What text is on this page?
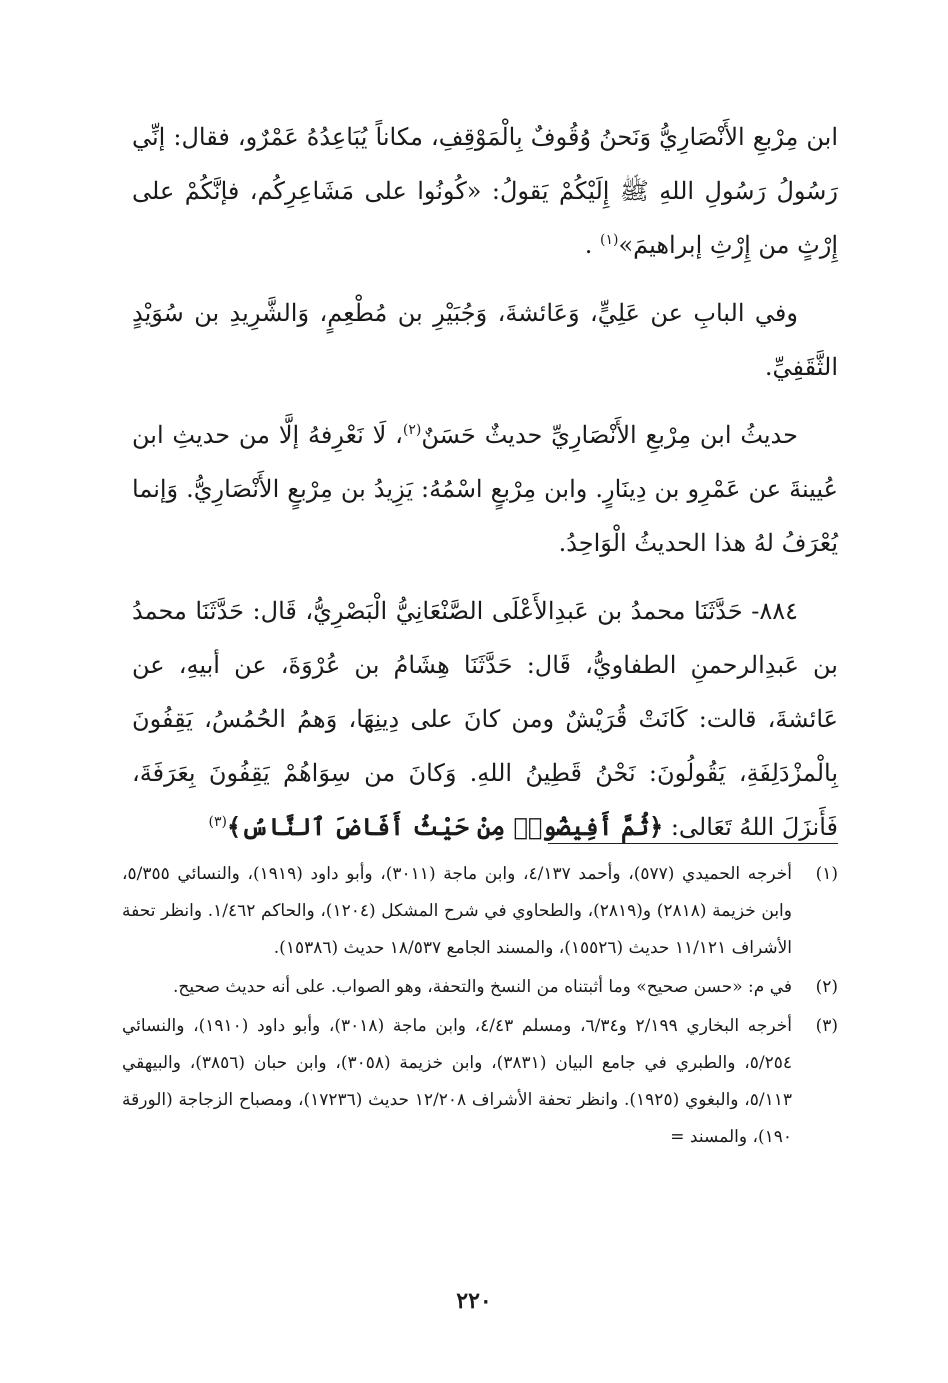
ابن مِرْبعِ الأَنْصَارِيُّ وَنَحنُ وُقُوفٌ بِالْمَوْقِفِ، مكاناً يُبَاعِدُهُ عَمْرٌو، فقال: إنِّي رَسُولُ رَسُولِ اللهِ ﷺ إِلَيْكُمْ يَقولُ: «كُونُوا على مَشَاعِرِكُم، فإنَّكُمْ على إِرْثٍ من إِرْثِ إبراهيمَ»$^{(١)}$ .

وفي البابِ عن عَلِيٍّ، وَعَائشةَ، وَجُبَيْرِ بن مُطْعِمٍ، وَالشَّرِيدِ بن سُوَيْدٍ الثَّقَفِيِّ.

حديثُ ابن مِرْبعِ الأَنْصَارِيِّ حديثٌ حَسَنٌ$^{(٢)}$، لَا نَعْرِفهُ إلَّا من حديثِ ابن عُيينةَ عن عَمْرِو بن دِينَارٍ. وابن مِرْبعٍ اسْمُهُ: يَزِيدُ بن مِرْبعٍ الأَنْصَارِيُّ. وَإنما يُعْرَفُ لهُ هذا الحديثُ الْوَاحِدُ.

٨٨٤- حَدَّثَنَا محمدُ بن عَبدِالأَعْلَى الصَّنْعَانِيُّ الْبَصْرِيُّ، قَال: حَدَّثَنَا محمدُ بن عَبدِالرحمنِ الطفاويُّ، قَال: حَدَّثَنَا هِشَامُ بن عُرْوَةَ، عن أبيهِ، عن عَائشةَ، قالت: كَانَتْ قُرَيْشٌ ومن كانَ على دِينِهَا، وَهمُ الحُمُسُ، يَقِفُونَ بِالْمزْدَلِفَةِ، يَقُولُونَ: نَحْنُ قَطِينُ اللهِ. وَكانَ من سِوَاهُمْ يَقِفُونَ بِعَرَفَةَ، فَأَنزَلَ اللهُ تَعَالى: ﴿ثُمَّ أَفِيضُوا۟ مِنْ حَيْثُ أَفَاضَ ٱلنَّاسُ﴾$^{(٣)}$

(١)
أخرجه الحميدي (٥٧٧)، وأحمد ٤/١٣٧، وابن ماجة (٣٠١١)، وأبو داود (١٩١٩)، والنسائي ٥/٣٥٥، وابن خزيمة (٢٨١٨) و(٢٨١٩)، والطحاوي في شرح المشكل (١٢٠٤)، والحاكم ١/٤٦٢. وانظر تحفة الأشراف ١١/١٢١ حديث (١٥٥٢٦)، والمسند الجامع ١٨/٥٣٧ حديث (١٥٣٨٦).
(٢)
في م: «حسن صحيح» وما أثبتناه من النسخ والتحفة، وهو الصواب. على أنه حديث صحيح.
(٣)
أخرجه البخاري ٢/١٩٩ و٦/٣٤، ومسلم ٤/٤٣، وابن ماجة (٣٠١٨)، وأبو داود (١٩١٠)، والنسائي ٥/٢٥٤، والطبري في جامع البيان (٣٨٣١)، وابن خزيمة (٣٠٥٨)، وابن حبان (٣٨٥٦)، والبيهقي ٥/١١٣، والبغوي (١٩٢٥). وانظر تحفة الأشراف ١٢/٢٠٨ حديث (١٧٢٣٦)، ومصباح الزجاجة (الورقة ١٩٠)، والمسند =
٢٢٠
